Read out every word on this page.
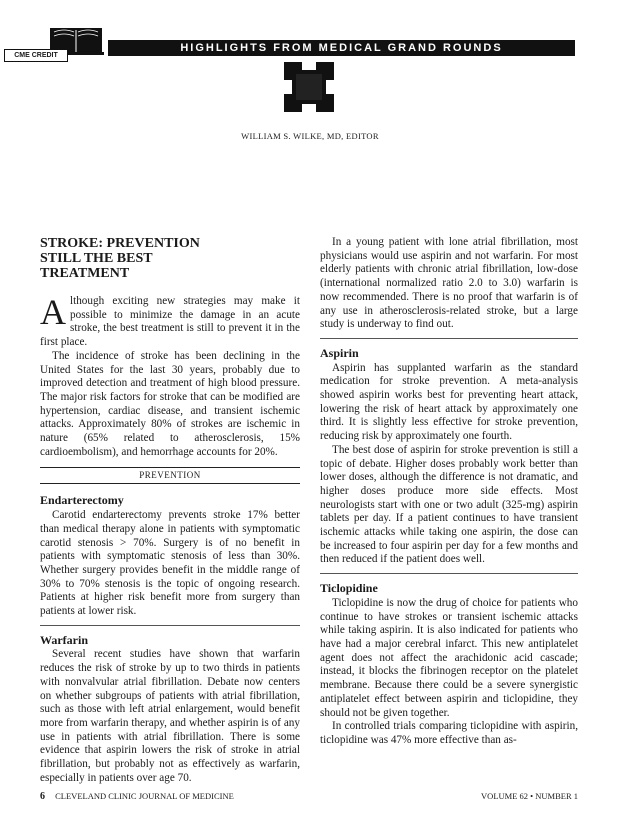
HIGHLIGHTS FROM MEDICAL GRAND ROUNDS
CME CREDIT
WILLIAM S. WILKE, MD, EDITOR
STROKE: PREVENTION
STILL THE BEST
TREATMENT

Although exciting new strategies may make it possible to minimize the damage in an acute stroke, the best treatment is still to prevent it in the first place.

The incidence of stroke has been declining in the United States for the last 30 years, probably due to improved detection and treatment of high blood pressure. The major risk factors for stroke that can be modified are hypertension, cardiac disease, and transient ischemic attacks. Approximately 80% of strokes are ischemic in nature (65% related to atherosclerosis, 15% cardioembolism), and hemorrhage accounts for 20%.

PREVENTION
Endarterectomy

Carotid endarterectomy prevents stroke 17% better than medical therapy alone in patients with symptomatic carotid stenosis > 70%. Surgery is of no benefit in patients with symptomatic stenosis of less than 30%. Whether surgery provides benefit in the middle range of 30% to 70% stenosis is the topic of ongoing research. Patients at higher risk benefit more from surgery than patients at lower risk.

Warfarin

Several recent studies have shown that warfarin reduces the risk of stroke by up to two thirds in patients with nonvalvular atrial fibrillation. Debate now centers on whether subgroups of patients with atrial fibrillation, such as those with left atrial enlargement, would benefit more from warfarin therapy, and whether aspirin is of any use in patients with atrial fibrillation. There is some evidence that aspirin lowers the risk of stroke in atrial fibrillation, but probably not as effectively as warfarin, especially in patients over age 70.

In a young patient with lone atrial fibrillation, most physicians would use aspirin and not warfarin. For most elderly patients with chronic atrial fibrillation, low-dose (international normalized ratio 2.0 to 3.0) warfarin is now recommended. There is no proof that warfarin is of any use in atherosclerosis-related stroke, but a large study is underway to find out.

Aspirin

Aspirin has supplanted warfarin as the standard medication for stroke prevention. A meta-analysis showed aspirin works best for preventing heart attack, lowering the risk of heart attack by approximately one third. It is slightly less effective for stroke prevention, reducing risk by approximately one fourth.

The best dose of aspirin for stroke prevention is still a topic of debate. Higher doses probably work better than lower doses, although the difference is not dramatic, and higher doses produce more side effects. Most neurologists start with one or two adult (325-mg) aspirin tablets per day. If a patient continues to have transient ischemic attacks while taking one aspirin, the dose can be increased to four aspirin per day for a few months and then reduced if the patient does well.

Ticlopidine

Ticlopidine is now the drug of choice for patients who continue to have strokes or transient ischemic attacks while taking aspirin. It is also indicated for patients who have had a major cerebral infarct. This new antiplatelet agent does not affect the arachidonic acid cascade; instead, it blocks the fibrinogen receptor on the platelet membrane. Because there could be a severe synergistic antiplatelet effect between aspirin and ticlopidine, they should not be given together.

In controlled trials comparing ticlopidine with aspirin, ticlopidine was 47% more effective than as-

6 CLEVELAND CLINIC JOURNAL OF MEDICINE	VOLUME 62 • NUMBER 1
